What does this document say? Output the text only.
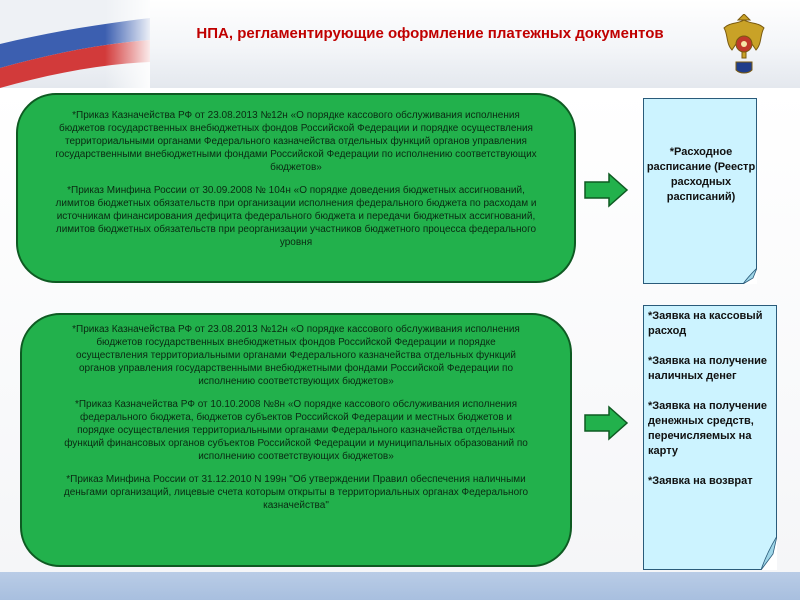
НПА, регламентирующие оформление платежных документов

*Приказ Казначейства РФ от 23.08.2013 №12н «О порядке кассового обслуживания исполнения бюджетов государственных внебюджетных фондов Российской Федерации и порядке осуществления территориальными органами Федерального казначейства отдельных функций органов управления государственными внебюджетными фондами Российской Федерации по исполнению соответствующих бюджетов»

*Приказ Минфина России от 30.09.2008 № 104н «О порядке доведения бюджетных ассигнований, лимитов бюджетных обязательств при организации исполнения федерального бюджета по расходам и источникам финансирования дефицита федерального бюджета и передачи бюджетных ассигнований, лимитов бюджетных обязательств при реорганизации участников бюджетного процесса федерального уровня

*Приказ Казначейства РФ от 23.08.2013 №12н «О порядке кассового обслуживания исполнения бюджетов государственных внебюджетных фондов Российской Федерации и порядке осуществления территориальными органами Федерального казначейства отдельных функций органов управления государственными внебюджетными фондами Российской Федерации по исполнению соответствующих бюджетов»

*Приказ Казначейства РФ от 10.10.2008 №8н «О порядке кассового обслуживания исполнения федерального бюджета, бюджетов субъектов Российской Федерации и местных бюджетов и порядке осуществления территориальными органами Федерального казначейства отдельных функций финансовых органов субъектов Российской Федерации и муниципальных образований по исполнению соответствующих бюджетов»

*Приказ Минфина России от 31.12.2010 N 199н "Об утверждении Правил обеспечения наличными деньгами организаций, лицевые счета которым открыты в территориальных органах Федерального казначейства"

*Расходное расписание (Реестр расходных расписаний)
*Заявка на кассовый расход
*Заявка на получение наличных денег
*Заявка на получение денежных средств, перечисляемых на карту
*Заявка на возврат
